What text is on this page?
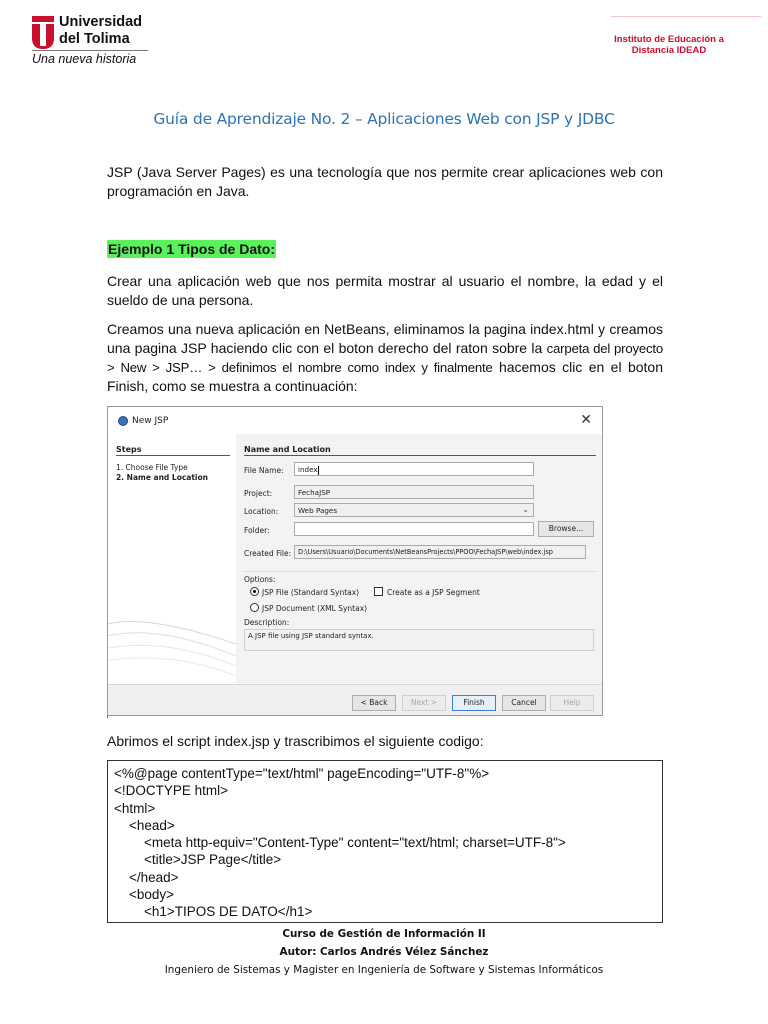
Universidad
del Tolima
Una nueva historia
Instituto de Educación a
Distancia IDEAD
Guía de Aprendizaje No. 2 – Aplicaciones Web con JSP y JDBC

JSP (Java Server Pages) es una tecnología que nos permite crear aplicaciones web con programación en Java.

Ejemplo 1 Tipos de Dato:

Crear una aplicación web que nos permita mostrar al usuario el nombre, la edad y el sueldo de una persona.

Creamos una nueva aplicación en NetBeans, eliminamos la pagina index.html y creamos una pagina JSP haciendo clic con el boton derecho del raton sobre la carpeta del proyecto > New > JSP… > definimos el nombre como index y finalmente hacemos clic en el boton Finish, como se muestra a continuación:

New JSP	✕
Steps
1. Choose File Type
2. Name and Location
Name and Location
File Name:	index
Project:	FechaJSP
Location:	Web Pages	⌄
Folder:	Browse...
Created File:	D:\Users\Usuario\Documents\NetBeansProjects\PPOO\FechaJSP\web\index.jsp
Options:
JSP File (Standard Syntax)	Create as a JSP Segment
JSP Document (XML Syntax)
Description:
A JSP file using JSP standard syntax.
< Back	Next >	Finish	Cancel	Help

Abrimos el script index.jsp y trascribimos el siguiente codigo:

<%@page contentType="text/html" pageEncoding="UTF-8"%>
<!DOCTYPE html>
<html>
<head>
<meta http-equiv="Content-Type" content="text/html; charset=UTF-8">
<title>JSP Page</title>
</head>
<body>
<h1>TIPOS DE DATO</h1>
Curso de Gestión de Información II
Autor: Carlos Andrés Vélez Sánchez
Ingeniero de Sistemas y Magister en Ingeniería de Software y Sistemas Informáticos
